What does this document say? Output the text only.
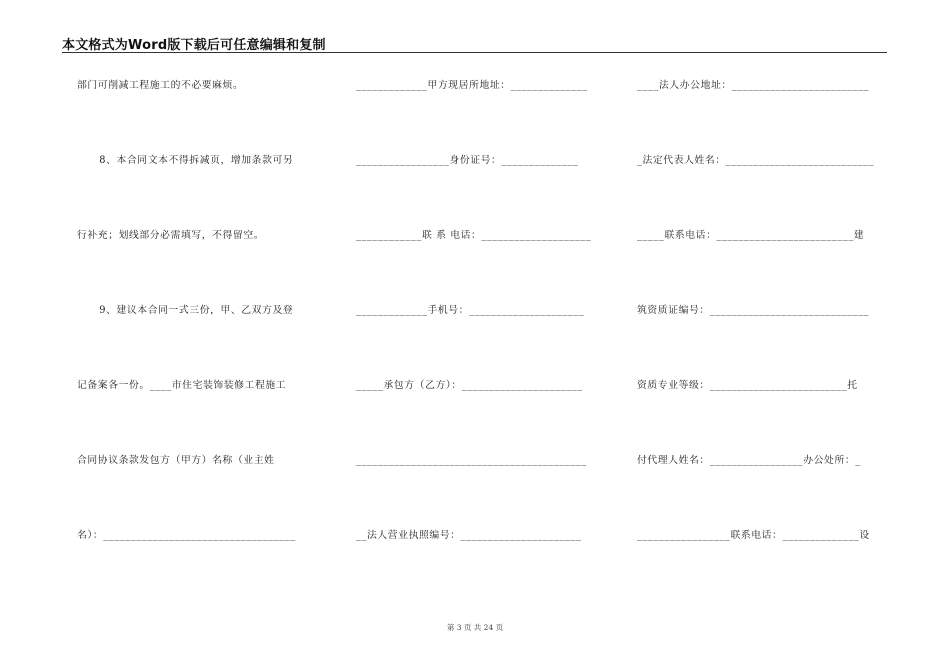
本文格式为Word版下载后可任意编辑和复制
部门可削减工程施工的不必要麻烦。
8、本合同文本不得拆减页，增加条款可另
行补充；划线部分必需填写，不得留空。
9、建议本合同一式三份，甲、乙双方及登
记备案各一份。____市住宅装饰装修工程施工
合同协议条款发包方（甲方）名称（业主姓
名）：___________________________________
_____________甲方现居所地址：______________
_________________身份证号：______________
____________联 系 电话：____________________
_____________手机号：_____________________
_____承包方（乙方）：______________________
__________________________________________
__法人营业执照编号：______________________
____法人办公地址：_________________________
_法定代表人姓名：___________________________
_____联系电话：_________________________建
筑资质证编号：_____________________________
资质专业等级：_________________________托
付代理人姓名：_________________办公处所：_
_________________联系电话：______________设
第 3 页 共 24 页
